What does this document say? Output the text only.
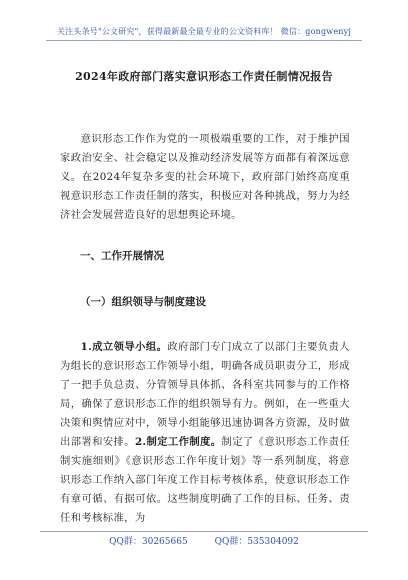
关注头条号"公文研究"，获得最新最全最专业的公文资料库！ 微信：gongwenyj
2024年政府部门落实意识形态工作责任制情况报告

意识形态工作作为党的一项极端重要的工作，对于维护国家政治安全、社会稳定以及推动经济发展等方面都有着深远意义。在2024年复杂多变的社会环境下，政府部门始终高度重视意识形态工作责任制的落实，积极应对各种挑战，努力为经济社会发展营造良好的思想舆论环境。

一、工作开展情况
（一）组织领导与制度建设

1.成立领导小组。政府部门专门成立了以部门主要负责人为组长的意识形态工作领导小组，明确各成员职责分工，形成了一把手负总责、分管领导具体抓、各科室共同参与的工作格局，确保了意识形态工作的组织领导有力。例如，在一些重大决策和舆情应对中，领导小组能够迅速协调各方资源，及时做出部署和安排。2.制定工作制度。制定了《意识形态工作责任制实施细则》《意识形态工作年度计划》等一系列制度，将意识形态工作纳入部门年度工作目标考核体系，使意识形态工作有章可循、有据可依。这些制度明确了工作的目标、任务、责任和考核标准，为

QQ群：30265665	QQ群：535304092
